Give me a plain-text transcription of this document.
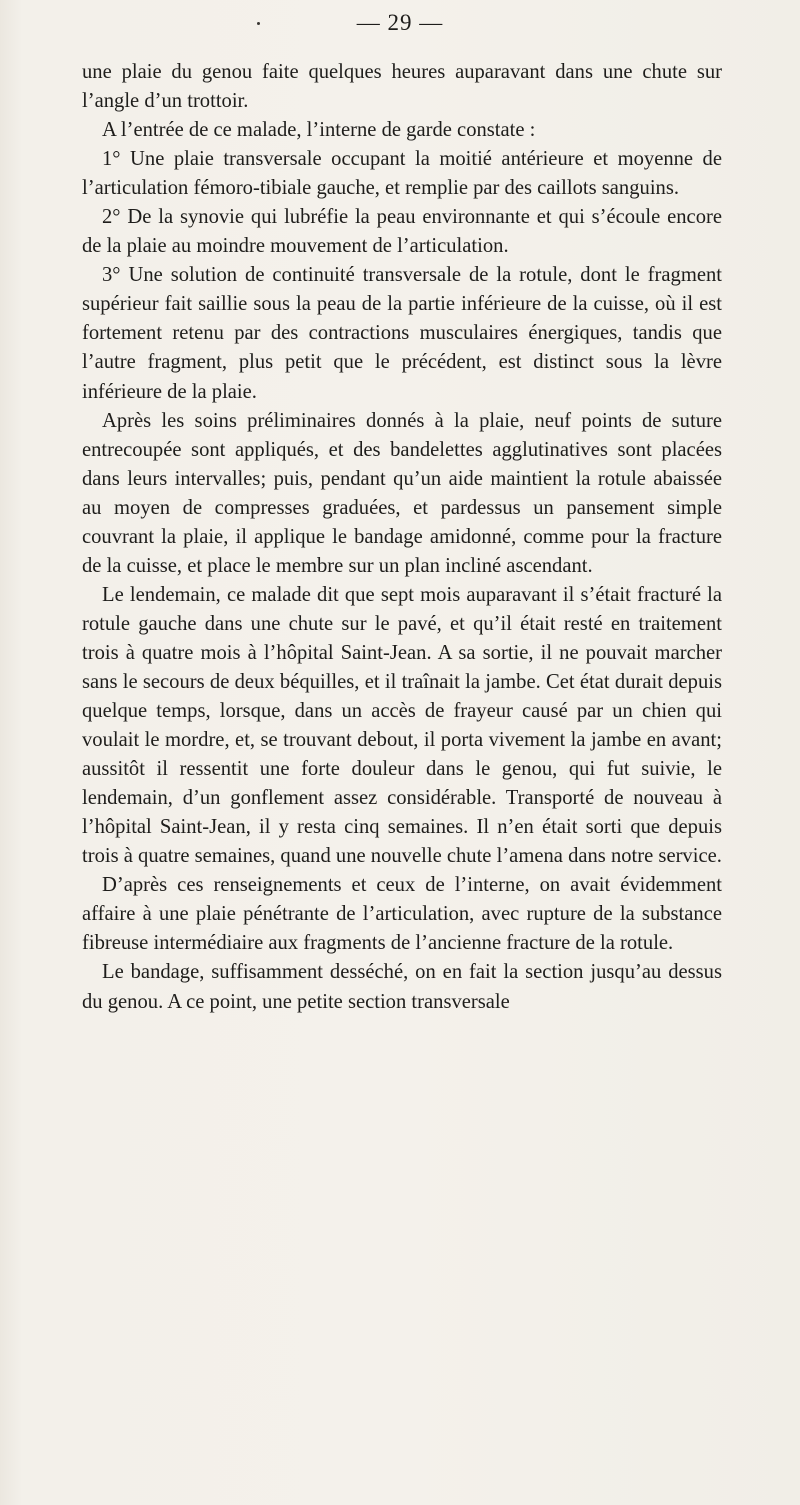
— 29 —

une plaie du genou faite quelques heures auparavant dans une chute sur l’angle d’un trottoir.

A l’entrée de ce malade, l’interne de garde constate :

1° Une plaie transversale occupant la moitié antérieure et moyenne de l’articulation fémoro-tibiale gauche, et remplie par des caillots sanguins.

2° De la synovie qui lubréfie la peau environnante et qui s’écoule encore de la plaie au moindre mouvement de l’articulation.

3° Une solution de continuité transversale de la rotule, dont le fragment supérieur fait saillie sous la peau de la partie inférieure de la cuisse, où il est fortement retenu par des contractions musculaires énergiques, tandis que l’autre fragment, plus petit que le précédent, est distinct sous la lèvre inférieure de la plaie.

Après les soins préliminaires donnés à la plaie, neuf points de suture entrecoupée sont appliqués, et des bandelettes agglutinatives sont placées dans leurs intervalles; puis, pendant qu’un aide maintient la rotule abaissée au moyen de compresses graduées, et pardessus un pansement simple couvrant la plaie, il applique le bandage amidonné, comme pour la fracture de la cuisse, et place le membre sur un plan incliné ascendant.

Le lendemain, ce malade dit que sept mois auparavant il s’était fracturé la rotule gauche dans une chute sur le pavé, et qu’il était resté en traitement trois à quatre mois à l’hôpital Saint-Jean. A sa sortie, il ne pouvait marcher sans le secours de deux béquilles, et il traînait la jambe. Cet état durait depuis quelque temps, lorsque, dans un accès de frayeur causé par un chien qui voulait le mordre, et, se trouvant debout, il porta vivement la jambe en avant; aussitôt il ressentit une forte douleur dans le genou, qui fut suivie, le lendemain, d’un gonflement assez considérable. Transporté de nouveau à l’hôpital Saint-Jean, il y resta cinq semaines. Il n’en était sorti que depuis trois à quatre semaines, quand une nouvelle chute l’amena dans notre service.

D’après ces renseignements et ceux de l’interne, on avait évidemment affaire à une plaie pénétrante de l’articulation, avec rupture de la substance fibreuse intermédiaire aux fragments de l’ancienne fracture de la rotule.

Le bandage, suffisamment desséché, on en fait la section jusqu’au dessus du genou. A ce point, une petite section transversale
